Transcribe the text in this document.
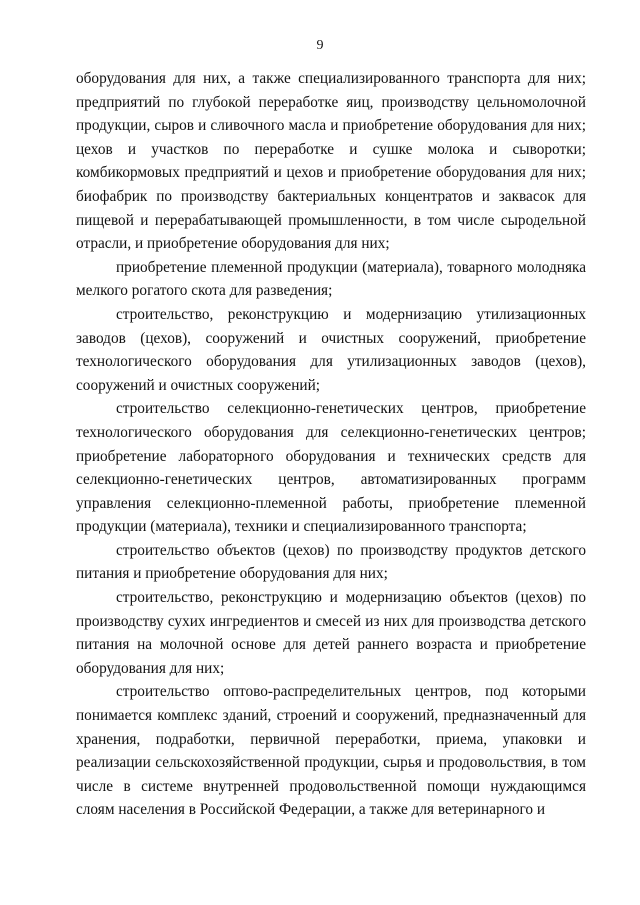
9

оборудования для них, а также специализированного транспорта для них; предприятий по глубокой переработке яиц, производству цельномолочной продукции, сыров и сливочного масла и приобретение оборудования для них; цехов и участков по переработке и сушке молока и сыворотки; комбикормовых предприятий и цехов и приобретение оборудования для них; биофабрик по производству бактериальных концентратов и заквасок для пищевой и перерабатывающей промышленности, в том числе сыродельной отрасли, и приобретение оборудования для них;

приобретение племенной продукции (материала), товарного молодняка мелкого рогатого скота для разведения;

строительство, реконструкцию и модернизацию утилизационных заводов (цехов), сооружений и очистных сооружений, приобретение технологического оборудования для утилизационных заводов (цехов), сооружений и очистных сооружений;

строительство селекционно-генетических центров, приобретение технологического оборудования для селекционно-генетических центров; приобретение лабораторного оборудования и технических средств для селекционно-генетических центров, автоматизированных программ управления селекционно-племенной работы, приобретение племенной продукции (материала), техники и специализированного транспорта;

строительство объектов (цехов) по производству продуктов детского питания и приобретение оборудования для них;

строительство, реконструкцию и модернизацию объектов (цехов) по производству сухих ингредиентов и смесей из них для производства детского питания на молочной основе для детей раннего возраста и приобретение оборудования для них;

строительство оптово-распределительных центров, под которыми понимается комплекс зданий, строений и сооружений, предназначенный для хранения, подработки, первичной переработки, приема, упаковки и реализации сельскохозяйственной продукции, сырья и продовольствия, в том числе в системе внутренней продовольственной помощи нуждающимся слоям населения в Российской Федерации, а также для ветеринарного и
